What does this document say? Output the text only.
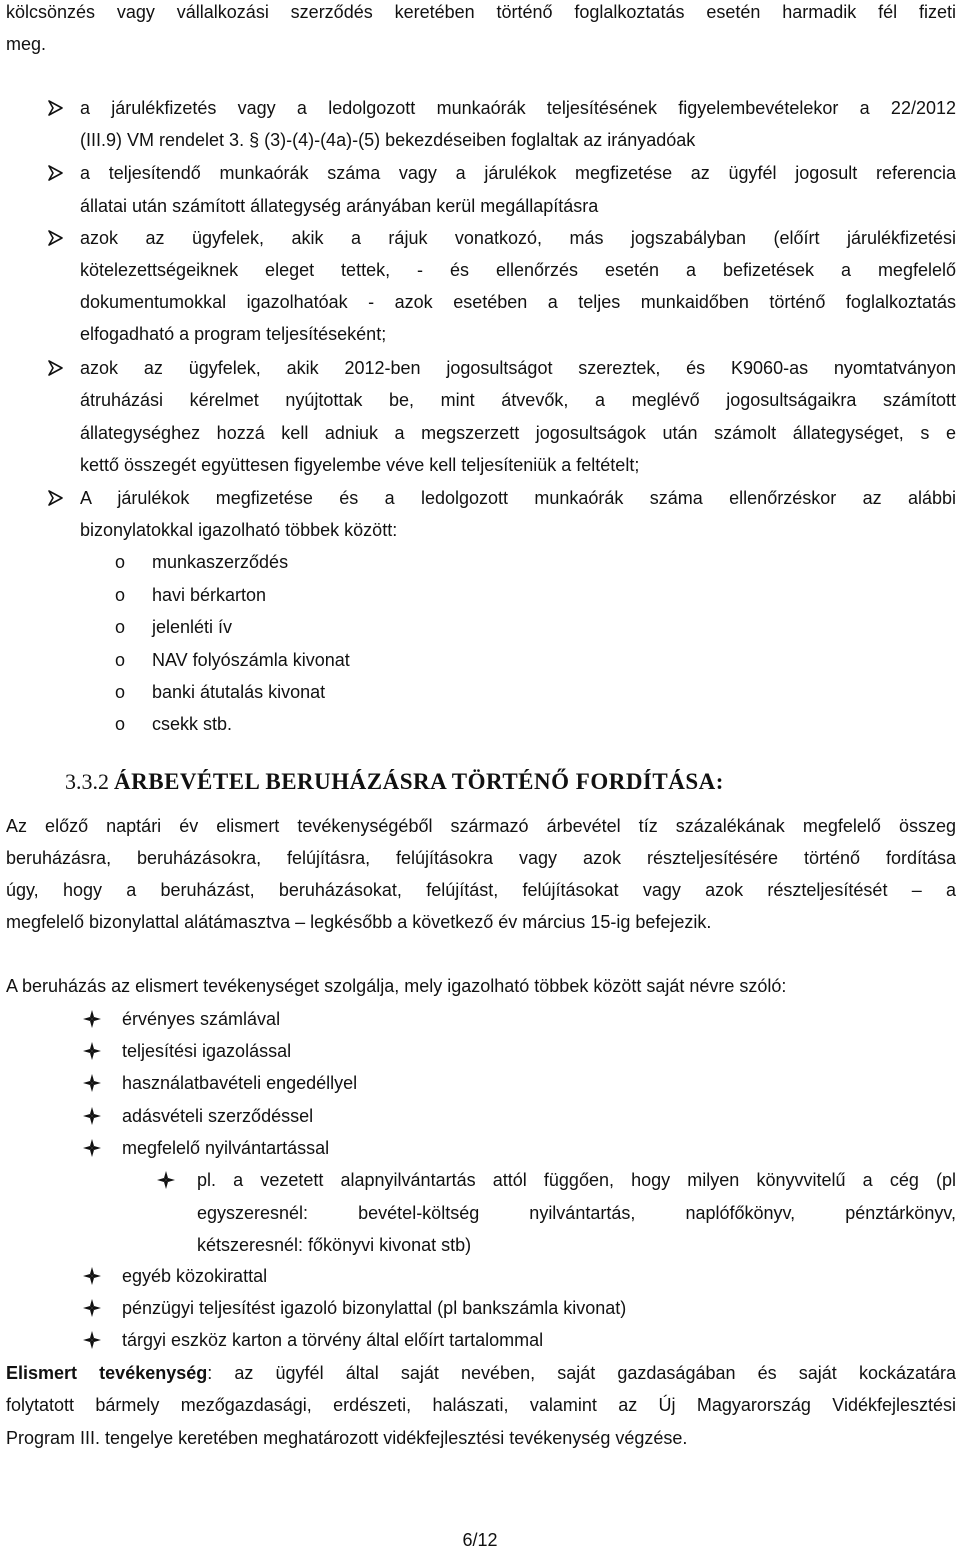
kölcsönzés vagy vállalkozási szerződés keretében történő foglalkoztatás esetén harmadik fél fizeti
meg.
a járulékfizetés vagy a ledolgozott munkaórák teljesítésének figyelembevételekor a 22/2012
(III.9) VM rendelet 3. § (3)-(4)-(4a)-(5) bekezdéseiben foglaltak az irányadóak
a teljesítendő munkaórák száma vagy a járulékok megfizetése az ügyfél jogosult referencia
állatai után számított állategység arányában kerül megállapításra
azok az ügyfelek, akik a rájuk vonatkozó, más jogszabályban (előírt járulékfizetési
kötelezettségeiknek eleget tettek, - és ellenőrzés esetén a befizetések a megfelelő
dokumentumokkal igazolhatóak - azok esetében a teljes munkaidőben történő foglalkoztatás
elfogadható a program teljesítéseként;
azok az ügyfelek, akik 2012-ben jogosultságot szereztek, és K9060-as nyomtatványon
átruházási kérelmet nyújtottak be, mint átvevők, a meglévő jogosultságaikra számított
állategységhez hozzá kell adniuk a megszerzett jogosultságok után számolt állategységet, s e
kettő összegét együttesen figyelembe véve kell teljesíteniük a feltételt;
A járulékok megfizetése és a ledolgozott munkaórák száma ellenőrzéskor az alábbi
bizonylatokkal igazolható többek között:
o	munkaszerződés
o	havi bérkarton
o	jelenléti ív
o	NAV folyószámla kivonat
o	banki átutalás kivonat
o	csekk stb.
3.3.2 ÁRBEVÉTEL BERUHÁZÁSRA TÖRTÉNŐ FORDÍTÁSA:
Az előző naptári év elismert tevékenységéből származó árbevétel tíz százalékának megfelelő összeg
beruházásra, beruházásokra, felújításra, felújításokra vagy azok részteljesítésére történő fordítása
úgy, hogy a beruházást, beruházásokat, felújítást, felújításokat vagy azok részteljesítését – a
megfelelő bizonylattal alátámasztva – legkésőbb a következő év március 15-ig befejezik.
A beruházás az elismert tevékenységet szolgálja, mely igazolható többek között saját névre szóló:
érvényes számlával
teljesítési igazolással
használatbavételi engedéllyel
adásvételi szerződéssel
megfelelő nyilvántartással
pl. a vezetett alapnyilvántartás attól függően, hogy milyen könyvvitelű a cég (pl
egyszeresnél: bevétel-költség nyilvántartás, naplófőkönyv, pénztárkönyv,
kétszeresnél: főkönyvi kivonat stb)
egyéb közokirattal
pénzügyi teljesítést igazoló bizonylattal (pl bankszámla kivonat)
tárgyi eszköz karton a törvény által előírt tartalommal
Elismert tevékenység: az ügyfél által saját nevében, saját gazdaságában és saját kockázatára
folytatott bármely mezőgazdasági, erdészeti, halászati, valamint az Új Magyarország Vidékfejlesztési
Program III. tengelye keretében meghatározott vidékfejlesztési tevékenység végzése.
6/12
